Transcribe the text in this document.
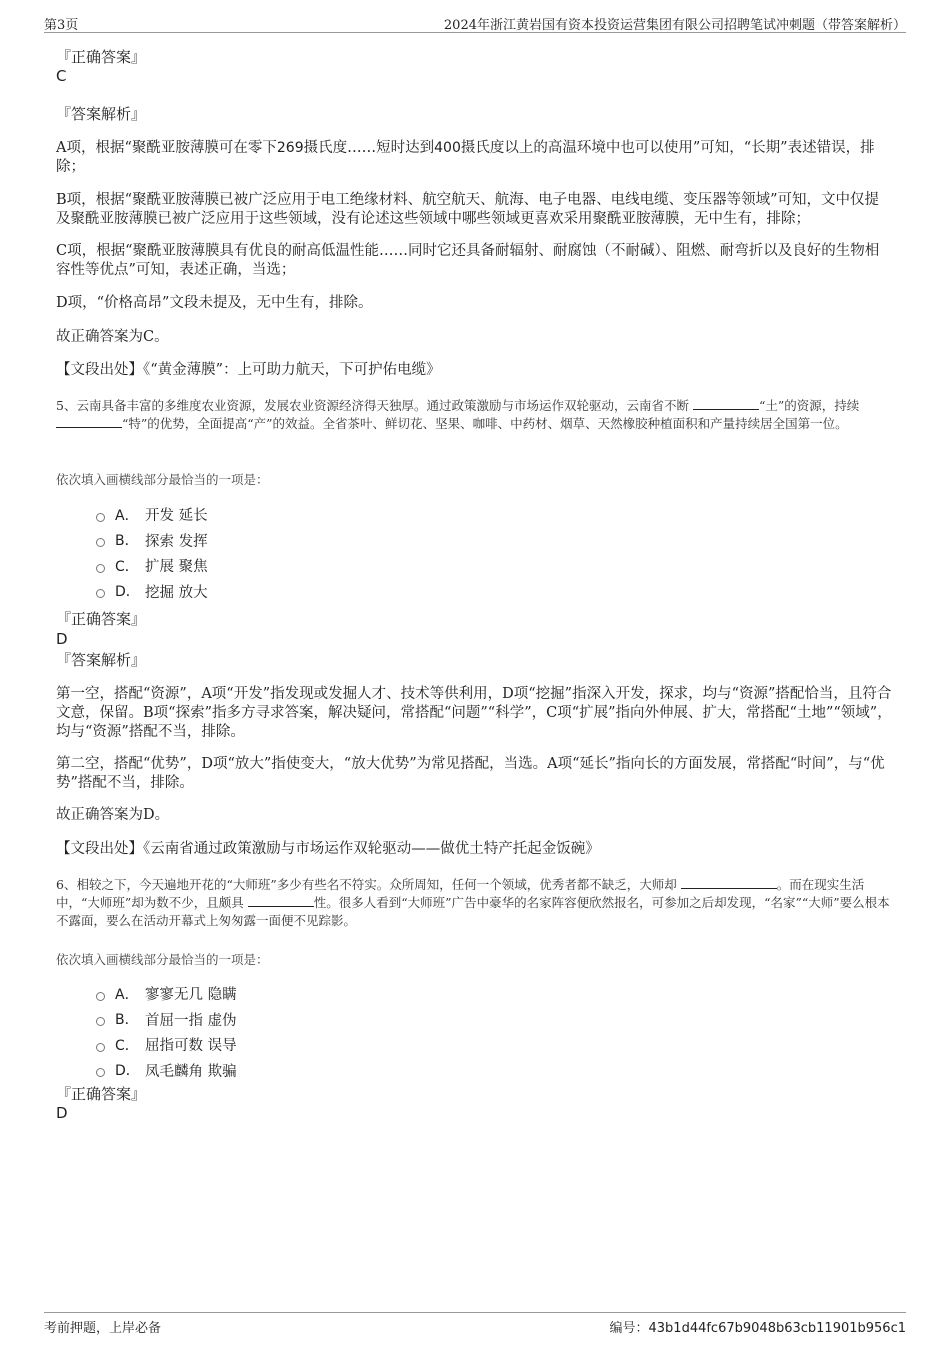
第3页	2024年浙江黄岩国有资本投资运营集团有限公司招聘笔试冲刺题（带答案解析）
『正确答案』
C
『答案解析』
A项，根据“聚酰亚胺薄膜可在零下269摄氏度……短时达到400摄氏度以上的高温环境中也可以使用”可知，“长期”表述错误，排除；
B项，根据“聚酰亚胺薄膜已被广泛应用于电工绝缘材料、航空航天、航海、电子电器、电线电缆、变压器等领域”可知，文中仅提及聚酰亚胺薄膜已被广泛应用于这些领域，没有论述这些领域中哪些领域更喜欢采用聚酰亚胺薄膜，无中生有，排除；
C项，根据“聚酰亚胺薄膜具有优良的耐高低温性能……同时它还具备耐辐射、耐腐蚀（不耐碱）、阻燃、耐弯折以及良好的生物相容性等优点”可知，表述正确，当选；
D项，“价格高昂”文段未提及，无中生有，排除。
故正确答案为C。
【文段出处】《“黄金薄膜”：上可助力航天，下可护佑电缆》
5、云南具备丰富的多维度农业资源，发展农业资源经济得天独厚。通过政策激励与市场运作双轮驱动，云南省不断	“土”的资源，持续 “特”的优势，全面提高“产”的效益。全省茶叶、鲜切花、坚果、咖啡、中药材、烟草、天然橡胶种植面积和产量持续居全国第一位。
依次填入画横线部分最恰当的一项是：
A． 开发 延长
B． 探索 发挥
C． 扩展 聚焦
D． 挖掘 放大
『正确答案』
D
『答案解析』
第一空，搭配“资源”，A项“开发”指发现或发掘人才、技术等供利用，D项“挖掘”指深入开发，探求，均与“资源”搭配恰当，且符合文意，保留。B项“探索”指多方寻求答案，解决疑问，常搭配“问题”“科学”，C项“扩展”指向外伸展、扩大，常搭配“土地”“领域”，均与“资源”搭配不当，排除。
第二空，搭配“优势”，D项“放大”指使变大，“放大优势”为常见搭配，当选。A项“延长”指向长的方面发展，常搭配“时间”，与“优势”搭配不当，排除。
故正确答案为D。
【文段出处】《云南省通过政策激励与市场运作双轮驱动——做优土特产托起金饭碗》
6、相较之下，今天遍地开花的“大师班”多少有些名不符实。众所周知，任何一个领域，优秀者都不缺乏，大师却	。而在现实生活中，“大师班”却为数不少，且颇具	性。很多人看到“大师班”广告中豪华的名家阵容便欣然报名，可参加之后却发现，“名家”“大师”要么根本不露面，要么在活动开幕式上匆匆露一面便不见踪影。
依次填入画横线部分最恰当的一项是：
A． 寥寥无几 隐瞒
B． 首屈一指 虚伪
C． 屈指可数 误导
D． 凤毛麟角 欺骗
『正确答案』
D
考前押题，上岸必备	编号：43b1d44fc67b9048b63cb11901b956c1
